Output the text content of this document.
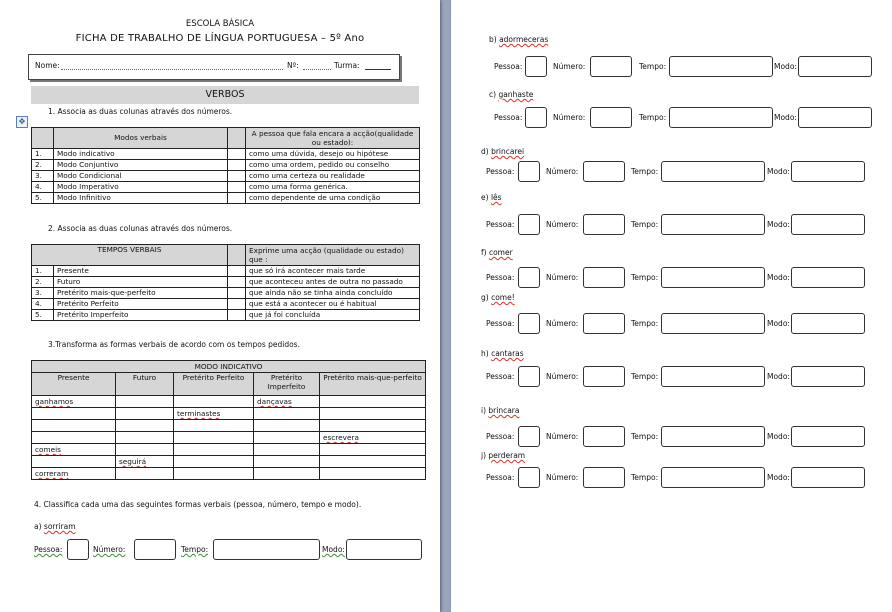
ESCOLA BÁSICA
FICHA DE TRABALHO DE LÍNGUA PORTUGUESA – 5º Ano
Nome:	Nº:	Turma:
VERBOS
✥
1. Associa as duas colunas através dos números.
	Modos verbais		A pessoa que fala encara a acção(qualidade ou estado):
1.	Modo indicativo		como uma dúvida, desejo ou hipótese
2.	Modo Conjuntivo		como uma ordem, pedido ou conselho
3.	Modo Condicional		como uma certeza ou realidade
4.	Modo Imperativo		como uma forma genérica.
5.	Modo Infinitivo		como dependente de uma condição
2. Associa as duas colunas através dos números.
TEMPOS VERBAIS			Exprime uma acção (qualidade ou estado) que :
1.	Presente		que só irá acontecer mais tarde
2.	Futuro		que aconteceu antes de outra no passado
3.	Pretérito mais-que-perfeito		que ainda não se tinha ainda concluído
4.	Pretérito Perfeito		que está a acontecer ou é habitual
5.	Pretérito Imperfeito		que já foi concluída
3.Transforma as formas verbais de acordo com os tempos pedidos.
MODO INDICATIVO				
Presente	Futuro	Pretérito Perfeito	Pretérito Imperfeito	Pretérito mais-que-perfeito
ganhamos			dançavas	
		terminastes		

				escrevera
comeis				
	seguirá			
correram				
4. Classifica cada uma das seguintes formas verbais (pessoa, número, tempo e modo).
a) sorriram
Pessoa:	Número:	Tempo:	Modo:
b) adormeceras
Pessoa:	Número:	Tempo:	Modo:
c) ganhaste
Pessoa:	Número:	Tempo:	Modo:
d) brincarei
Pessoa:	Número:	Tempo:	Modo:
e) lês
Pessoa:	Número:	Tempo:	Modo:
f) comer
Pessoa:	Número:	Tempo:	Modo:
g) come!
Pessoa:	Número:	Tempo:	Modo:
h) cantaras
Pessoa:	Número:	Tempo:	Modo:
i) brincara
Pessoa:	Número:	Tempo:	Modo:
j) perderam
Pessoa:	Número:	Tempo:	Modo:
